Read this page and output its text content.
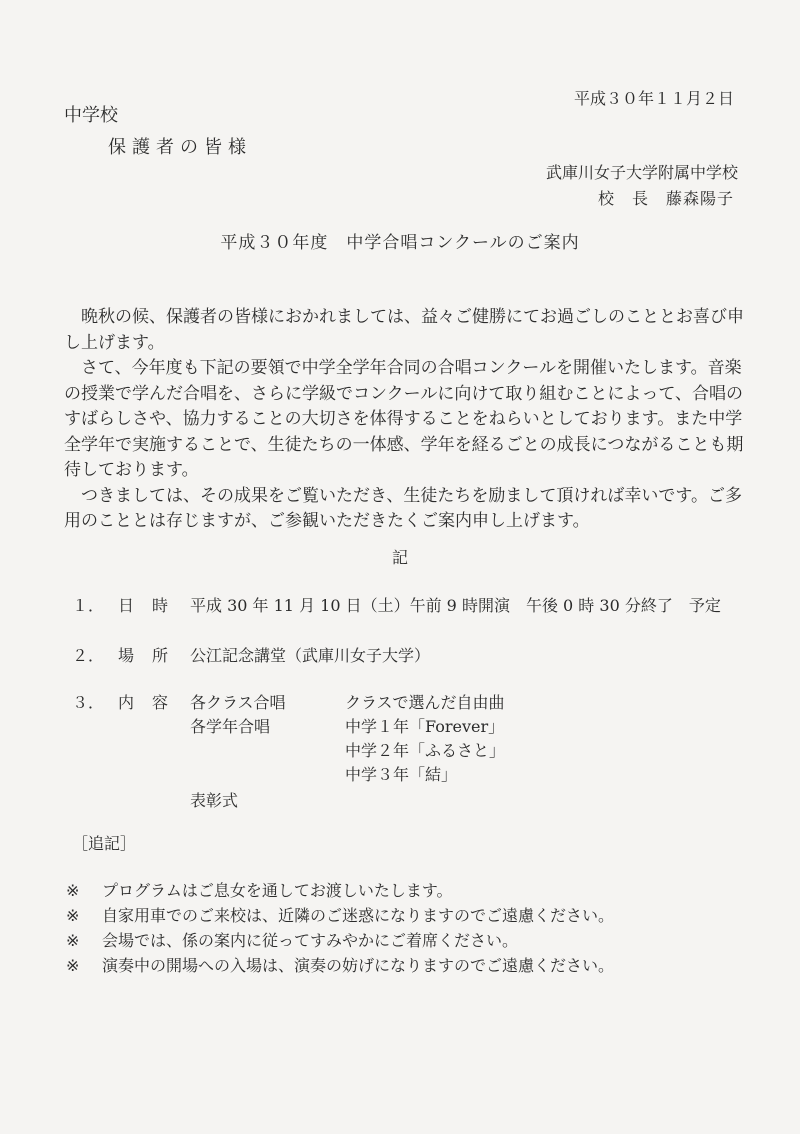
平成３０年１１月２日
中学校
保護者の皆様
武庫川女子大学附属中学校
校　長　藤森陽子
平成３０年度　中学合唱コンクールのご案内

晩秋の候、保護者の皆様におかれましては、益々ご健勝にてお過ごしのこととお喜び申し上げます。

さて、今年度も下記の要領で中学全学年合同の合唱コンクールを開催いたします。音楽の授業で学んだ合唱を、さらに学級でコンクールに向けて取り組むことによって、合唱のすばらしさや、協力することの大切さを体得することをねらいとしております。また中学全学年で実施することで、生徒たちの一体感、学年を経るごとの成長につながることも期待しております。

つきましては、その成果をご覧いただき、生徒たちを励まして頂ければ幸いです。ご多用のこととは存じますが、ご参観いただきたくご案内申し上げます。

記
１． 日時 平成 30 年 11 月 10 日（土）午前 9 時開演　午後 0 時 30 分終了　予定
２． 場所 公江記念講堂（武庫川女子大学）
３． 内容 各クラス合唱	クラスで選んだ自由曲
各学年合唱	中学１年「Forever」
中学２年「ふるさと」
中学３年「結」
表彰式
［追記］
※ プログラムはご息女を通してお渡しいたします。
※ 自家用車でのご来校は、近隣のご迷惑になりますのでご遠慮ください。
※ 会場では、係の案内に従ってすみやかにご着席ください。
※ 演奏中の開場への入場は、演奏の妨げになりますのでご遠慮ください。
